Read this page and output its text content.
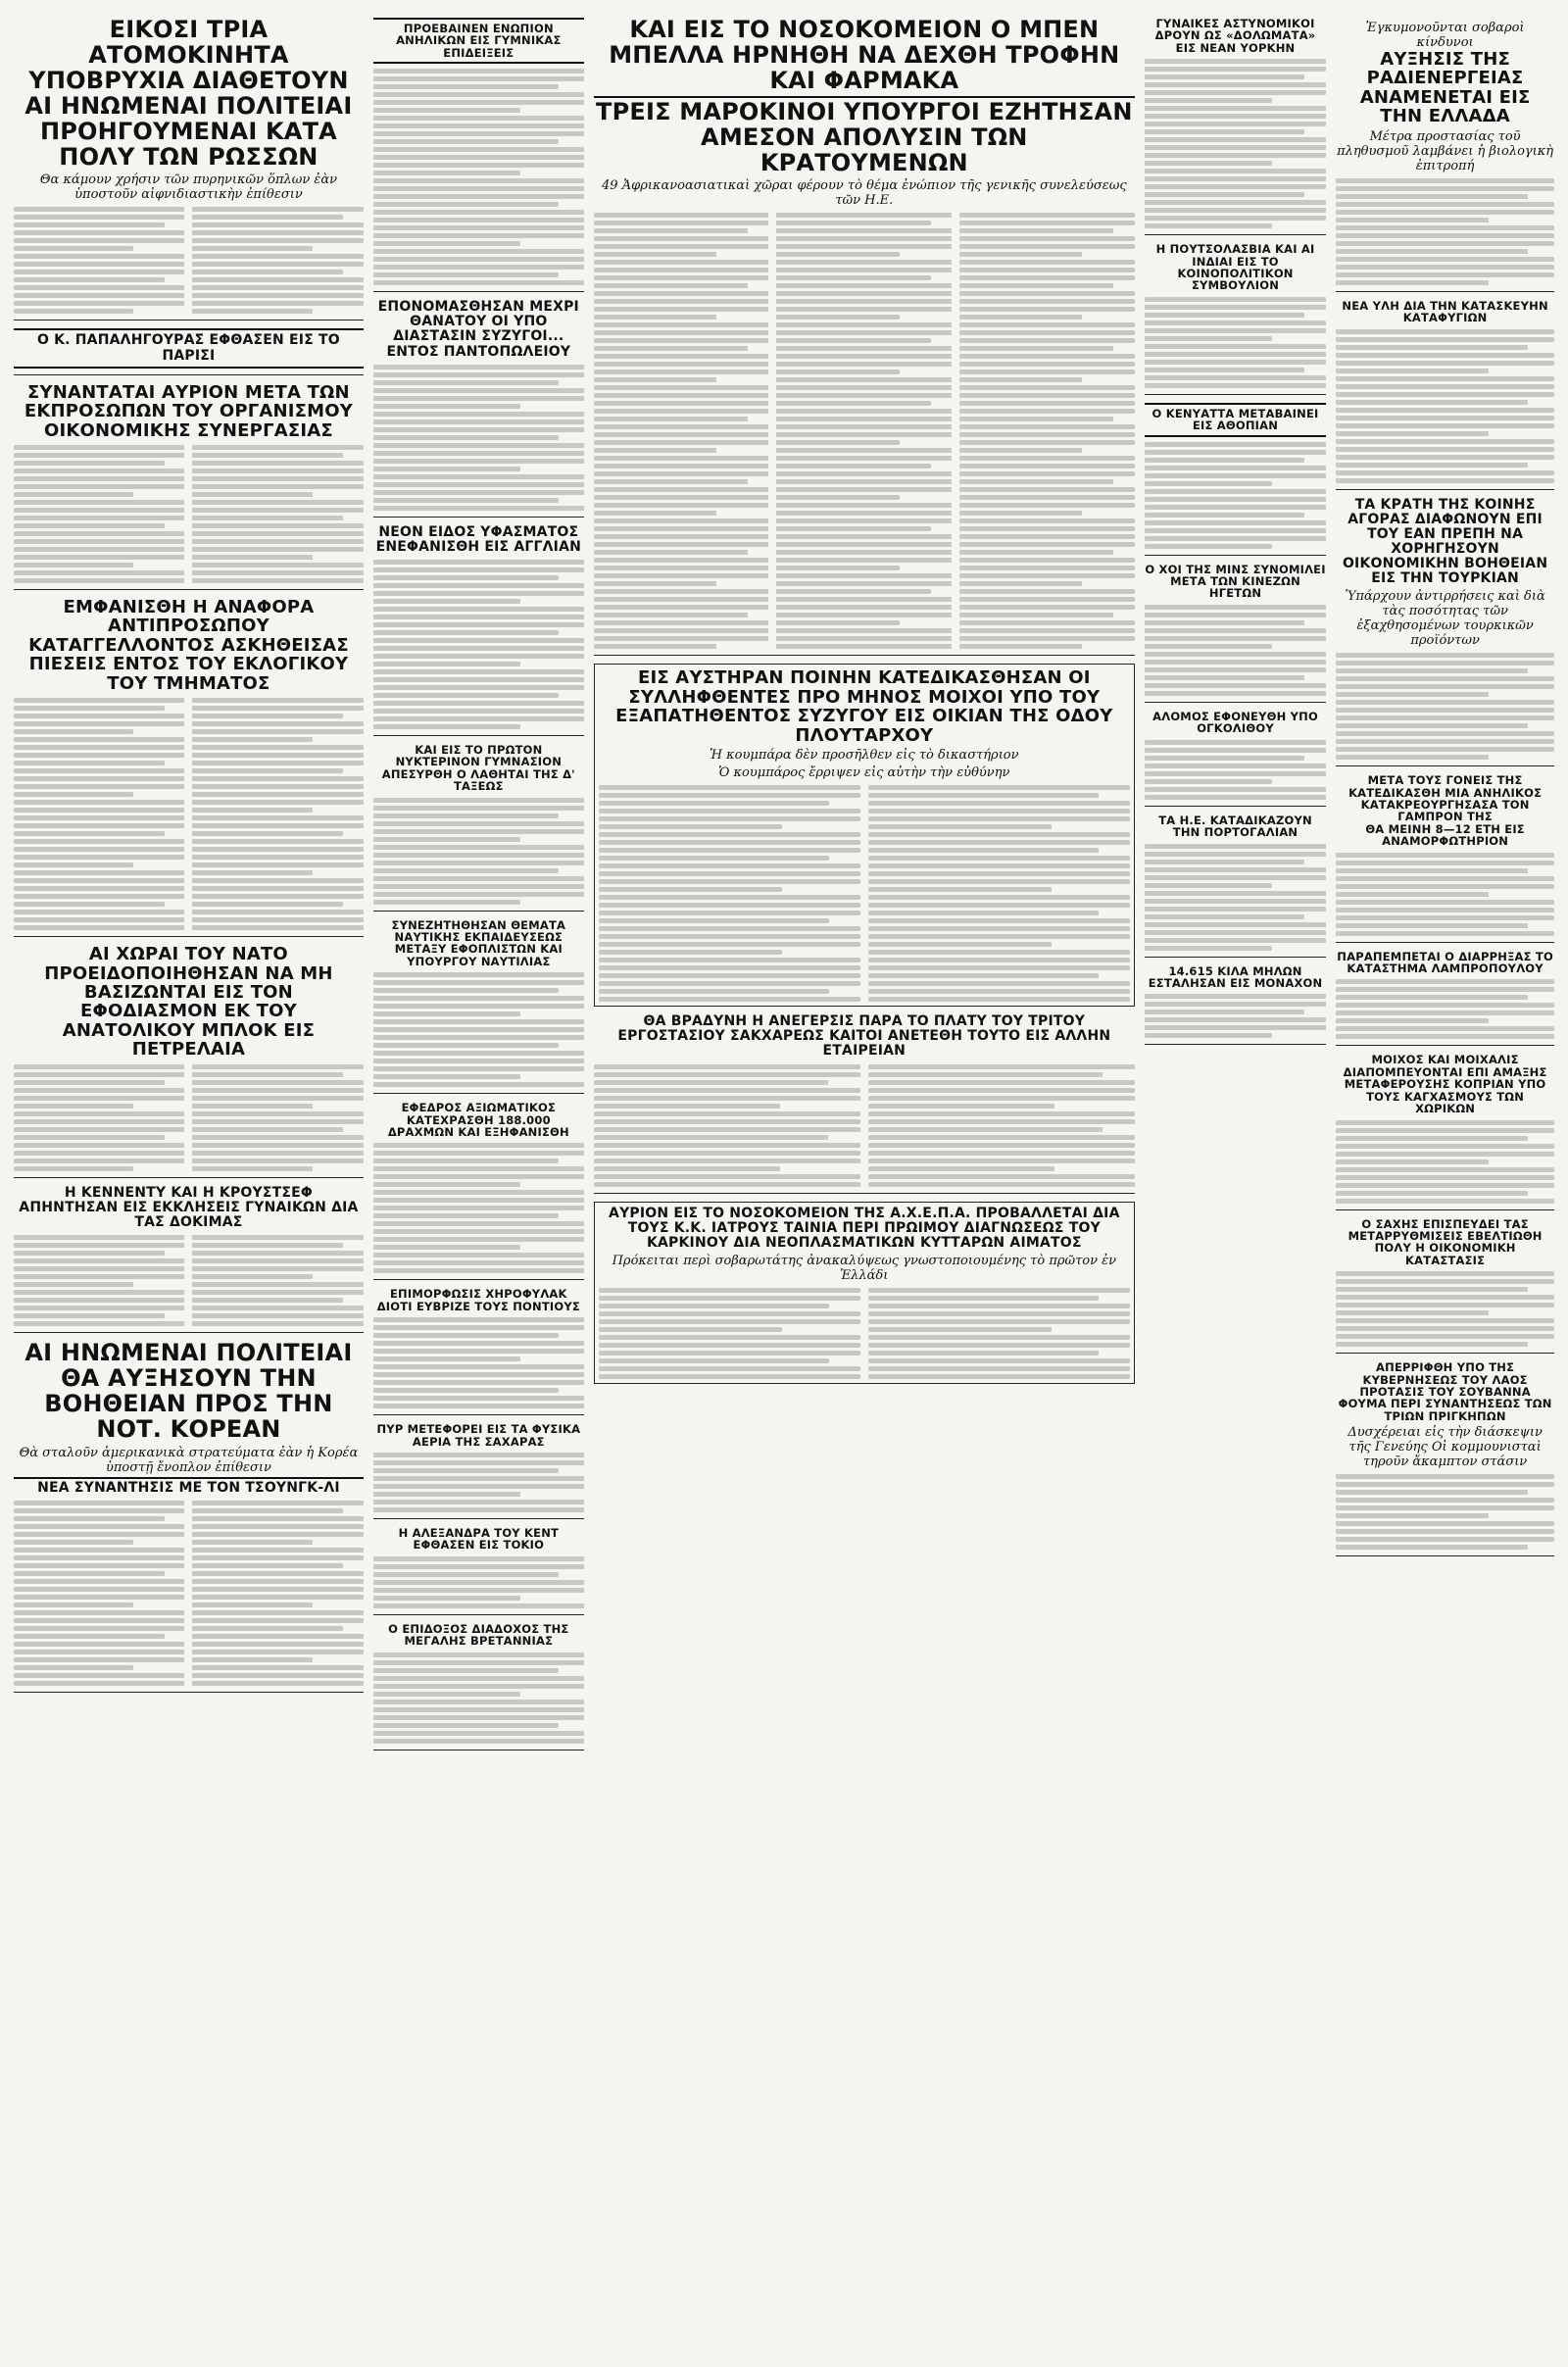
ΕΙΚΟΣΙ ΤΡΙΑ ΑΤΟΜΟΚΙΝΗΤΑ ΥΠΟΒΡΥΧΙΑ ΔΙΑΘΕΤΟΥΝ ΑΙ ΗΝΩΜΕΝΑΙ ΠΟΛΙΤΕΙΑΙ ΠΡΟΗΓΟΥΜΕΝΑΙ ΚΑΤΑ ΠΟΛΥ ΤΩΝ ΡΩΣΣΩΝ
Θα κάμουν χρήσιν τῶν πυρηνικῶν ὅπλων ἐὰν ὑποστοῦν αἰφνιδιαστικὴν ἐπίθεσιν
Ο Κ. ΠΑΠΑΛΗΓΟΥΡΑΣ ΕΦΘΑΣΕΝ ΕΙΣ ΤΟ ΠΑΡΙΣΙ
ΣΥΝΑΝΤΑΤΑΙ ΑΥΡΙΟΝ ΜΕΤΑ ΤΩΝ ΕΚΠΡΟΣΩΠΩΝ ΤΟΥ ΟΡΓΑΝΙΣΜΟΥ ΟΙΚΟΝΟΜΙΚΗΣ ΣΥΝΕΡΓΑΣΙΑΣ
ΕΜΦΑΝΙΣΘΗ Η ΑΝΑΦΟΡΑ ΑΝΤΙΠΡΟΣΩΠΟΥ ΚΑΤΑΓΓΕΛΛΟΝΤΟΣ ΑΣΚΗΘΕΙΣΑΣ ΠΙΕΣΕΙΣ ΕΝΤΟΣ ΤΟΥ ΕΚΛΟΓΙΚΟΥ ΤΟΥ ΤΜΗΜΑΤΟΣ
ΑΙ ΧΩΡΑΙ ΤΟΥ ΝΑΤΟ ΠΡΟΕΙΔΟΠΟΙΗΘΗΣΑΝ ΝΑ ΜΗ ΒΑΣΙΖΩΝΤΑΙ ΕΙΣ ΤΟΝ ΕΦΟΔΙΑΣΜΟΝ ΕΚ ΤΟΥ ΑΝΑΤΟΛΙΚΟΥ ΜΠΛΟΚ ΕΙΣ ΠΕΤΡΕΛΑΙΑ
Η ΚΕΝΝΕΝΤΥ ΚΑΙ Η ΚΡΟΥΣΤΣΕΦ ΑΠΗΝΤΗΣΑΝ ΕΙΣ ΕΚΚΛΗΣΕΙΣ ΓΥΝΑΙΚΩΝ ΔΙΑ ΤΑΣ ΔΟΚΙΜΑΣ
ΑΙ ΗΝΩΜΕΝΑΙ ΠΟΛΙΤΕΙΑΙ ΘΑ ΑΥΞΗΣΟΥΝ ΤΗΝ ΒΟΗΘΕΙΑΝ ΠΡΟΣ ΤΗΝ ΝΟΤ. ΚΟΡΕΑΝ
Θὰ σταλοῦν ἀμερικανικὰ στρατεύματα ἐὰν ἡ Κορέα ὑποστῇ ἔνοπλον ἐπίθεσιν
ΝΕΑ ΣΥΝΑΝΤΗΣΙΣ ΜΕ ΤΟΝ ΤΣΟΥΝΓΚ-ΛΙ
ΠΡΟΕΒΑΙΝΕΝ ΕΝΩΠΙΟΝ ΑΝΗΛΙΚΩΝ ΕΙΣ ΓΥΜΝΙΚΑΣ ΕΠΙΔΕΙΞΕΙΣ
ΕΠΟΝΟΜΑΣΘΗΣΑΝ ΜΕΧΡΙ ΘΑΝΑΤΟΥ ΟΙ ΥΠΟ ΔΙΑΣΤΑΣΙΝ ΣΥΖΥΓΟΙ... ΕΝΤΟΣ ΠΑΝΤΟΠΩΛΕΙΟΥ
ΝΕΟΝ ΕΙΔΟΣ ΥΦΑΣΜΑΤΟΣ ΕΝΕΦΑΝΙΣΘΗ ΕΙΣ ΑΓΓΛΙΑΝ
ΚΑΙ ΕΙΣ ΤΟ ΠΡΩΤΟΝ ΝΥΚΤΕΡΙΝΟΝ ΓΥΜΝΑΣΙΟΝ ΑΠΕΣΥΡΘΗ Ο ΛΑΘΗΤΑΙ ΤΗΣ Δ' ΤΑΞΕΩΣ
ΣΥΝΕΖΗΤΗΘΗΣΑΝ ΘΕΜΑΤΑ ΝΑΥΤΙΚΗΣ ΕΚΠΑΙΔΕΥΣΕΩΣ ΜΕΤΑΞΥ ΕΦΟΠΛΙΣΤΩΝ ΚΑΙ ΥΠΟΥΡΓΟΥ ΝΑΥΤΙΛΙΑΣ
ΕΦΕΔΡΟΣ ΑΞΙΩΜΑΤΙΚΟΣ ΚΑΤΕΧΡΑΣΘΗ 188.000 ΔΡΑΧΜΩΝ ΚΑΙ ΕΞΗΦΑΝΙΣΘΗ
ΕΠΙΜΟΡΦΩΣΙΣ ΧΗΡΟΦΥΛΑΚ ΔΙΟΤΙ ΕΥΒΡΙΖΕ ΤΟΥΣ ΠΟΝΤΙΟΥΣ
ΠΥΡ ΜΕΤΕΦΟΡΕΙ ΕΙΣ ΤΑ ΦΥΣΙΚΑ ΑΕΡΙΑ ΤΗΣ ΣΑΧΑΡΑΣ
Η ΑΛΕΞΑΝΔΡΑ ΤΟΥ ΚΕΝΤ ΕΦΘΑΣΕΝ ΕΙΣ ΤΟΚΙΟ
Ο ΕΠΙΔΟΞΟΣ ΔΙΑΔΟΧΟΣ ΤΗΣ ΜΕΓΑΛΗΣ ΒΡΕΤΑΝΝΙΑΣ
ΚΑΙ ΕΙΣ ΤΟ ΝΟΣΟΚΟΜΕΙΟΝ Ο ΜΠΕΝ ΜΠΕΛΛΑ ΗΡΝΗΘΗ ΝΑ ΔΕΧΘΗ ΤΡΟΦΗΝ ΚΑΙ ΦΑΡΜΑΚΑ
ΤΡΕΙΣ ΜΑΡΟΚΙΝΟΙ ΥΠΟΥΡΓΟΙ ΕΖΗΤΗΣΑΝ ΑΜΕΣΟΝ ΑΠΟΛΥΣΙΝ ΤΩΝ ΚΡΑΤΟΥΜΕΝΩΝ
49 Ἀφρικανοασιατικαὶ χῶραι φέρουν τὸ θέμα ἐνώπιον τῆς γενικῆς συνελεύσεως τῶν Η.Ε.
ΕΙΣ ΑΥΣΤΗΡΑΝ ΠΟΙΝΗΝ ΚΑΤΕΔΙΚΑΣΘΗΣΑΝ ΟΙ ΣΥΛΛΗΦΘΕΝΤΕΣ ΠΡΟ ΜΗΝΟΣ ΜΟΙΧΟΙ ΥΠΟ ΤΟΥ ΕΞΑΠΑΤΗΘΕΝΤΟΣ ΣΥΖΥΓΟΥ ΕΙΣ ΟΙΚΙΑΝ ΤΗΣ ΟΔΟΥ ΠΛΟΥΤΑΡΧΟΥ
Ἡ κουμπάρα δὲν προσῆλθεν εἰς τὸ δικαστήριον
Ὁ κουμπάρος ἔρριψεν εἰς αὐτὴν τὴν εὐθύνην
ΘΑ ΒΡΑΔΥΝΗ Η ΑΝΕΓΕΡΣΙΣ ΠΑΡΑ ΤΟ ΠΛΑΤΥ ΤΟΥ ΤΡΙΤΟΥ ΕΡΓΟΣΤΑΣΙΟΥ ΣΑΚΧΑΡΕΩΣ ΚΑΙΤΟΙ ΑΝΕΤΕΘΗ ΤΟΥΤΟ ΕΙΣ ΑΛΛΗΝ ΕΤΑΙΡΕΙΑΝ
ΑΥΡΙΟΝ ΕΙΣ ΤΟ ΝΟΣΟΚΟΜΕΙΟΝ ΤΗΣ Α.Χ.Ε.Π.Α. ΠΡΟΒΑΛΛΕΤΑΙ ΔΙΑ ΤΟΥΣ Κ.Κ. ΙΑΤΡΟΥΣ ΤΑΙΝΙΑ ΠΕΡΙ ΠΡΩΙΜΟΥ ΔΙΑΓΝΩΣΕΩΣ ΤΟΥ ΚΑΡΚΙΝΟΥ ΔΙΑ ΝΕΟΠΛΑΣΜΑΤΙΚΩΝ ΚΥΤΤΑΡΩΝ ΑΙΜΑΤΟΣ
Πρόκειται περὶ σοβαρωτάτης ἀνακαλύψεως γνωστοποιουμένης τὸ πρῶτον ἐν Ἑλλάδι
ΓΥΝΑΙΚΕΣ ΑΣΤΥΝΟΜΙΚΟΙ ΔΡΟΥΝ ΩΣ «ΔΟΛΩΜΑΤΑ» ΕΙΣ ΝΕΑΝ ΥΟΡΚΗΝ
Η ΠΟΥΤΣΟΛΑΣΒΙΑ ΚΑΙ ΑΙ ΙΝΔΙΑΙ ΕΙΣ ΤΟ ΚΟΙΝΟΠΟΛΙΤΙΚΟΝ ΣΥΜΒΟΥΛΙΟΝ
Ο ΚΕΝΥΑΤΤΑ ΜΕΤΑΒΑΙΝΕΙ ΕΙΣ ΑΘΟΠΙΑΝ
Ο ΧΟΙ ΤΗΣ ΜΙΝΣ ΣΥΝΟΜΙΛΕΙ ΜΕΤΑ ΤΩΝ ΚΙΝΕΖΩΝ ΗΓΕΤΩΝ
ΑΛΟΜΟΣ ΕΦΟΝΕΥΘΗ ΥΠΟ ΟΓΚΟΛΙΘΟΥ
ΤΑ Η.Ε. ΚΑΤΑΔΙΚΑΖΟΥΝ ΤΗΝ ΠΟΡΤΟΓΑΛΙΑΝ
14.615 ΚΙΛΑ ΜΗΛΩΝ ΕΣΤΑΛΗΣΑΝ ΕΙΣ ΜΟΝΑΧΟΝ
Ἐγκυμονοῦνται σοβαροὶ κίνδυνοι
ΑΥΞΗΣΙΣ ΤΗΣ ΡΑΔΙΕΝΕΡΓΕΙΑΣ ΑΝΑΜΕΝΕΤΑΙ ΕΙΣ ΤΗΝ ΕΛΛΑΔΑ
Μέτρα προστασίας τοῦ πληθυσμοῦ λαμβάνει ἡ βιολογικὴ ἐπιτροπή
ΝΕΑ ΥΛΗ ΔΙΑ ΤΗΝ ΚΑΤΑΣΚΕΥΗΝ ΚΑΤΑΦΥΓΙΩΝ
ΤΑ ΚΡΑΤΗ ΤΗΣ ΚΟΙΝΗΣ ΑΓΟΡΑΣ ΔΙΑΦΩΝΟΥΝ ΕΠΙ ΤΟΥ ΕΑΝ ΠΡΕΠΗ ΝΑ ΧΟΡΗΓΗΣΟΥΝ ΟΙΚΟΝΟΜΙΚΗΝ ΒΟΗΘΕΙΑΝ ΕΙΣ ΤΗΝ ΤΟΥΡΚΙΑΝ
Ὑπάρχουν ἀντιρρήσεις καὶ διὰ τὰς ποσότητας τῶν ἐξαχθησομένων τουρκικῶν προϊόντων
ΜΕΤΑ ΤΟΥΣ ΓΟΝΕΙΣ ΤΗΣ ΚΑΤΕΔΙΚΑΣΘΗ ΜΙΑ ΑΝΗΛΙΚΟΣ ΚΑΤΑΚΡΕΟΥΡΓΗΣΑΣΑ ΤΟΝ ΓΑΜΠΡΟΝ ΤΗΣ
ΘΑ ΜΕΙΝΗ 8—12 ΕΤΗ ΕΙΣ ΑΝΑΜΟΡΦΩΤΗΡΙΟΝ
ΠΑΡΑΠΕΜΠΕΤΑΙ Ο ΔΙΑΡΡΗΞΑΣ ΤΟ ΚΑΤΑΣΤΗΜΑ ΛΑΜΠΡΟΠΟΥΛΟΥ
ΜΟΙΧΟΣ ΚΑΙ ΜΟΙΧΑΛΙΣ ΔΙΑΠΟΜΠΕΥΟΝΤΑΙ ΕΠΙ ΑΜΑΞΗΣ ΜΕΤΑΦΕΡΟΥΣΗΣ ΚΟΠΡΙΑΝ ΥΠΟ ΤΟΥΣ ΚΑΓΧΑΣΜΟΥΣ ΤΩΝ ΧΩΡΙΚΩΝ
Ο ΣΑΧΗΣ ΕΠΙΣΠΕΥΔΕΙ ΤΑΣ ΜΕΤΑΡΡΥΘΜΙΣΕΙΣ ΕΒΕΛΤΙΩΘΗ ΠΟΛΥ Η ΟΙΚΟΝΟΜΙΚΗ ΚΑΤΑΣΤΑΣΙΣ
ΑΠΕΡΡΙΦΘΗ ΥΠΟ ΤΗΣ ΚΥΒΕΡΝΗΣΕΩΣ ΤΟΥ ΛΑΟΣ ΠΡΟΤΑΣΙΣ ΤΟΥ ΣΟΥΒΑΝΝΑ ΦΟΥΜΑ ΠΕΡΙ ΣΥΝΑΝΤΗΣΕΩΣ ΤΩΝ ΤΡΙΩΝ ΠΡΙΓΚΗΠΩΝ
Δυσχέρειαι εἰς τὴν διάσκεψιν τῆς Γενεύης Οἱ κομμουνισταὶ τηροῦν ἄκαμπτον στάσιν
